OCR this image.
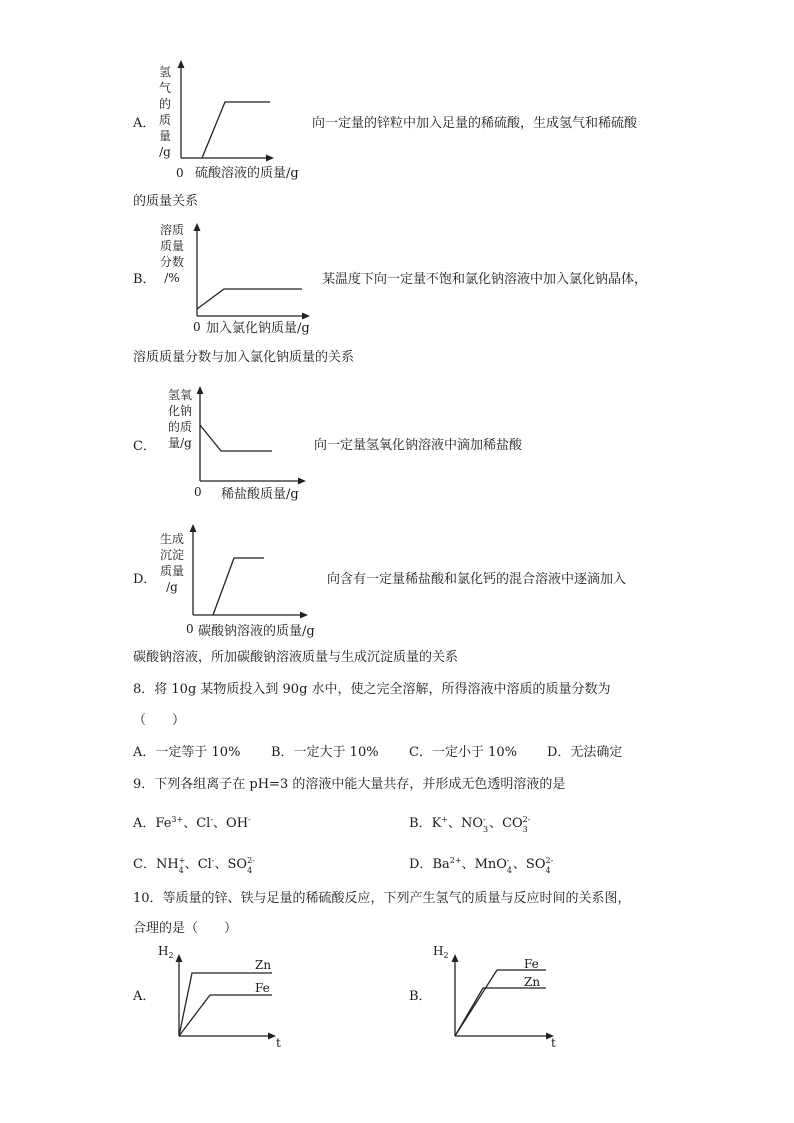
A．
氢
气
的
质
量
/g
0 硫酸溶液的质量/g
向一定量的锌粒中加入足量的稀硫酸，生成氢气和稀硫酸
的质量关系
B．
溶质
质量
分数
/%
0 加入氯化钠质量/g
某温度下向一定量不饱和氯化钠溶液中加入氯化钠晶体，
溶质质量分数与加入氯化钠质量的关系
C．
氢氧
化钠
的质
量/g
0 稀盐酸质量/g
向一定量氢氧化钠溶液中滴加稀盐酸
D．
生成
沉淀
质量
/g
0 碳酸钠溶液的质量/g
向含有一定量稀盐酸和氯化钙的混合溶液中逐滴加入
碳酸钠溶液，所加碳酸钠溶液质量与生成沉淀质量的关系
8．将 10g 某物质投入到 90g 水中，使之完全溶解，所得溶液中溶质的质量分数为
（　　）
A．一定等于 10% B．一定大于 10% C．一定小于 10% D．无法确定
9．下列各组离子在 pH=3 的溶液中能大量共存，并形成无色透明溶液的是
A．$Fe^{3+}$、Cl-、OH-	B．K+、NO -
3 、CO 2-
3
C．NH +
4 、Cl-、SO 2-
4	D．$Ba^{2+}$、MnO -
4 、SO 2-
4
10．等质量的锌、铁与足量的稀硫酸反应，下列产生氢气的质量与反应时间的关系图，
合理的是（　　）
A．
$H_2$
Zn
Fe
t
B．
$H_2$
Fe
Zn
t
